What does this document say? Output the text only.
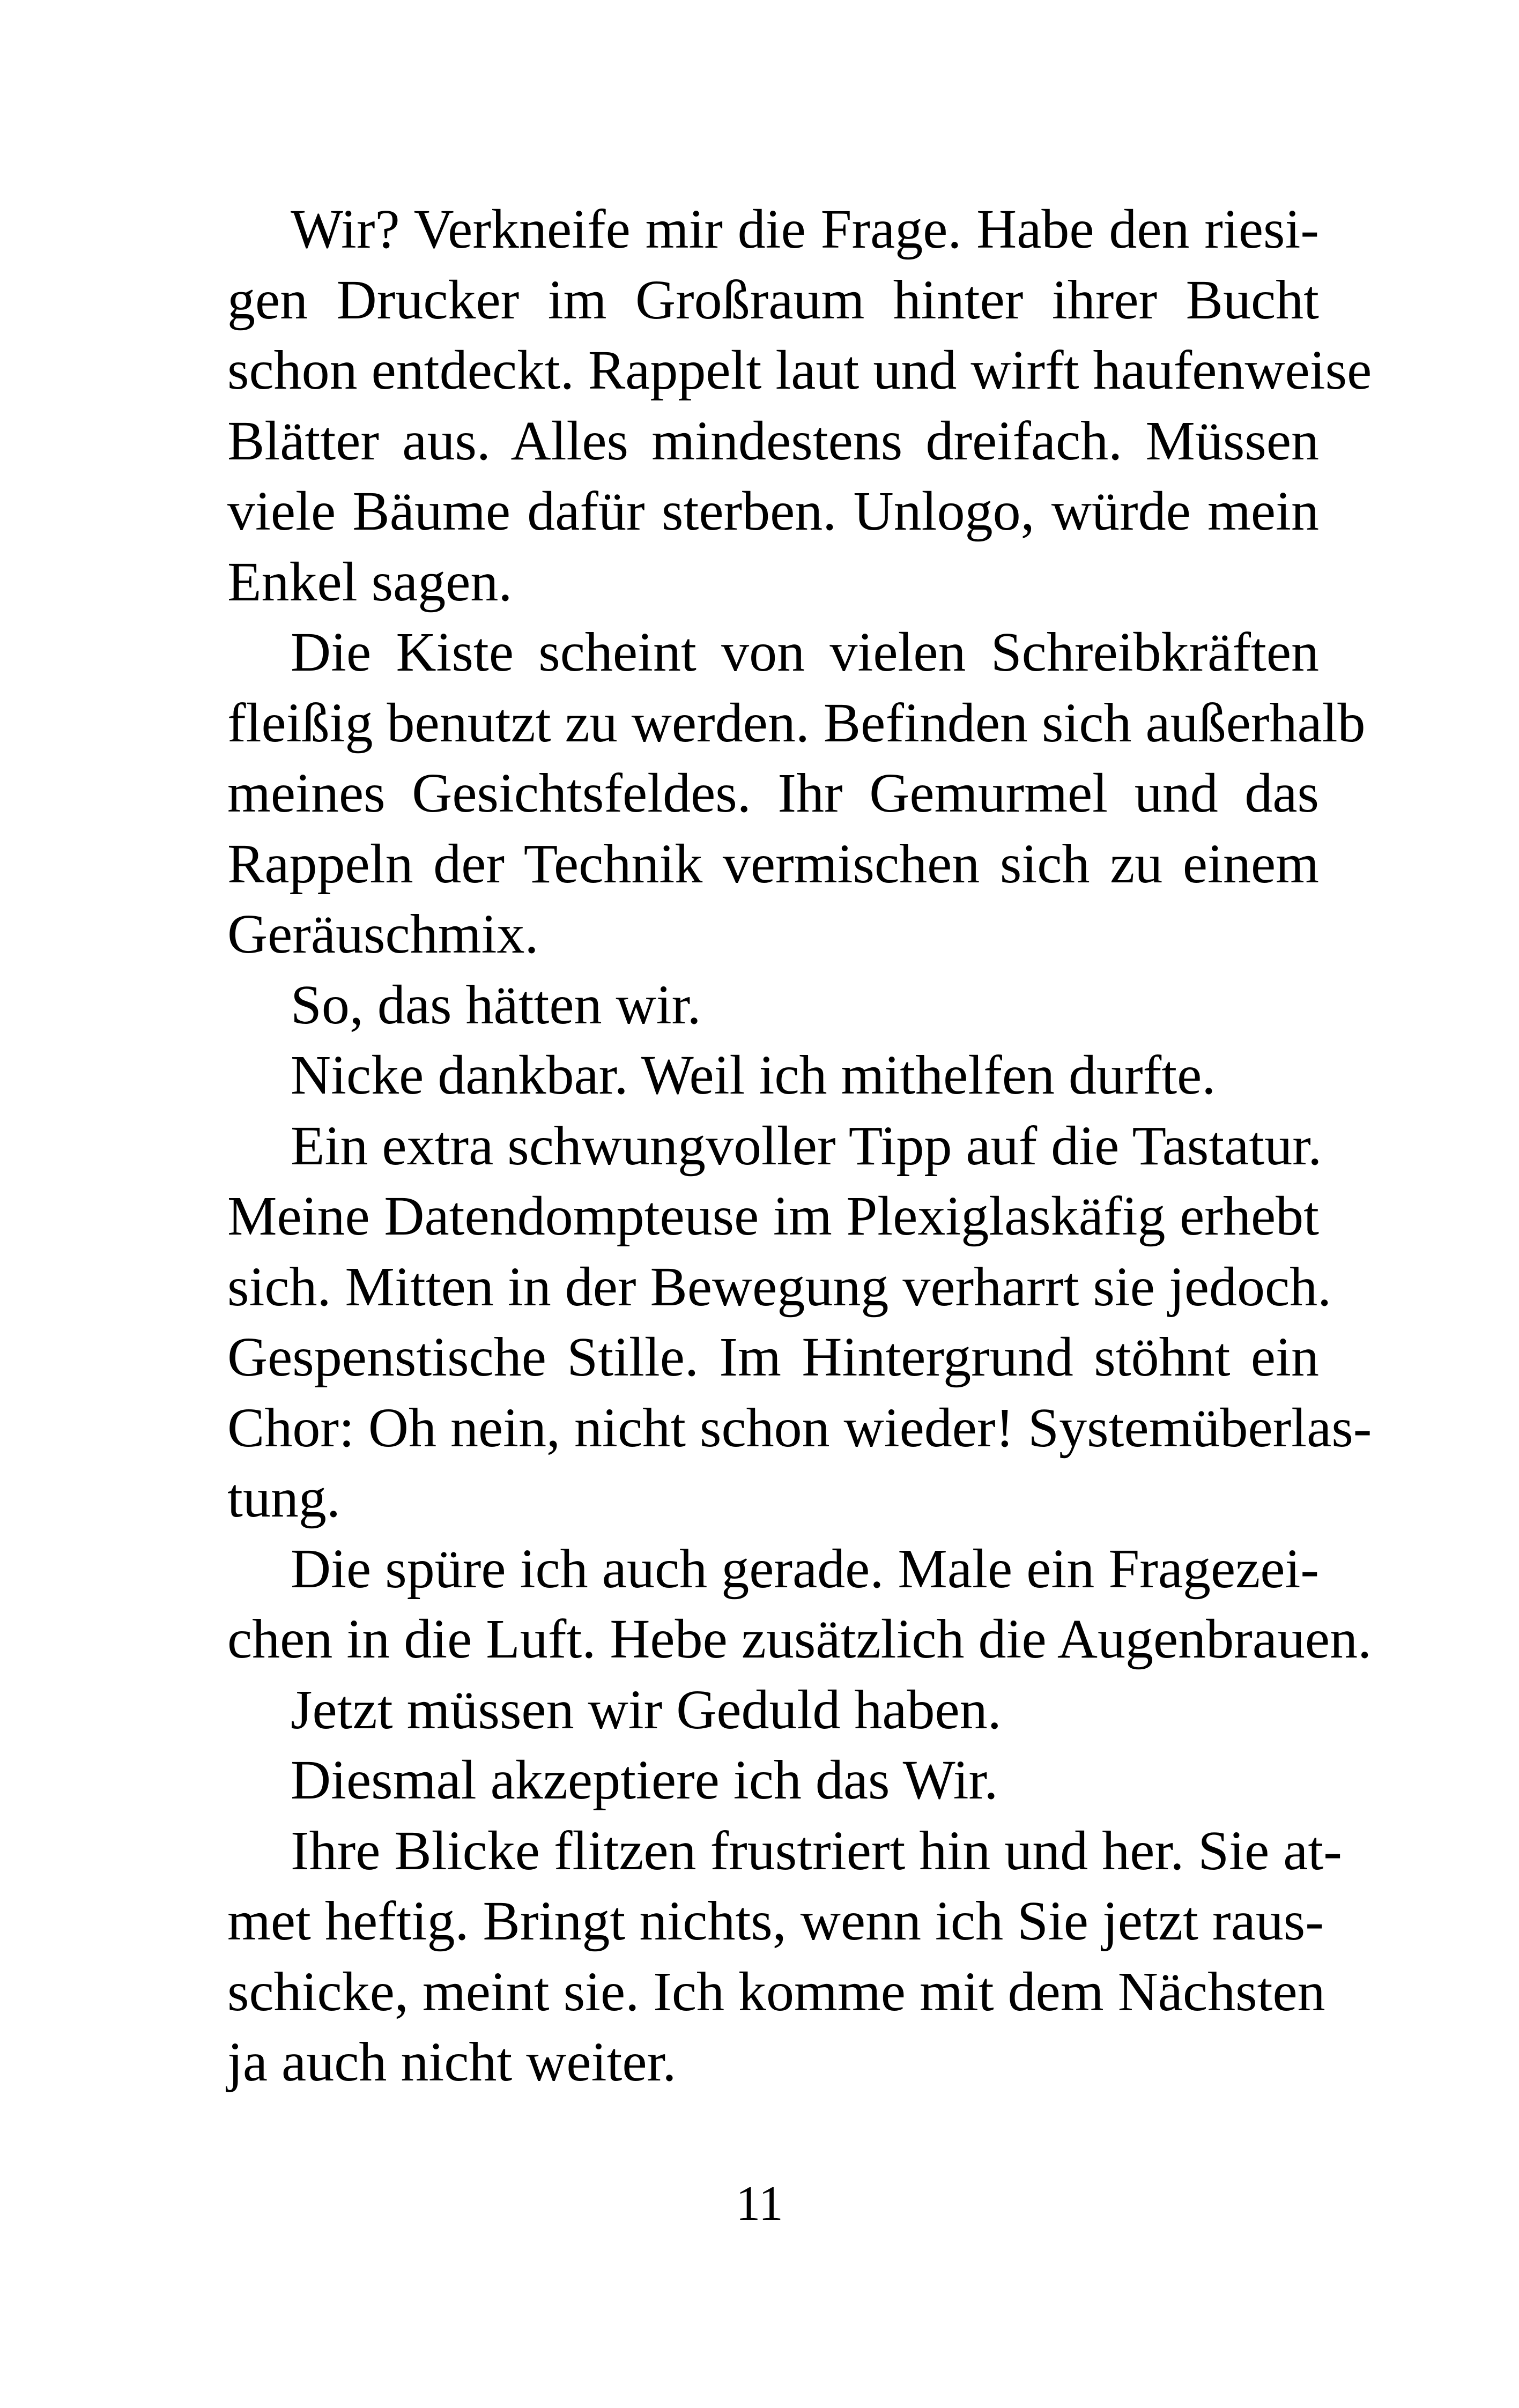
Wir? Verkneife mir die Frage. Habe den riesi-
gen Drucker im Großraum hinter ihrer Bucht
schon entdeckt. Rappelt laut und wirft haufenweise
Blätter aus. Alles mindestens dreifach. Müssen
viele Bäume dafür sterben. Unlogo, würde mein
Enkel sagen.

Die Kiste scheint von vielen Schreibkräften
fleißig benutzt zu werden. Befinden sich außerhalb
meines Gesichtsfeldes. Ihr Gemurmel und das
Rappeln der Technik vermischen sich zu einem
Geräuschmix.

So, das hätten wir.

Nicke dankbar. Weil ich mithelfen durfte.

Ein extra schwungvoller Tipp auf die Tastatur.
Meine Datendompteuse im Plexiglaskäfig erhebt
sich. Mitten in der Bewegung verharrt sie jedoch.
Gespenstische Stille. Im Hintergrund stöhnt ein
Chor: Oh nein, nicht schon wieder! Systemüberlas-
tung.

Die spüre ich auch gerade. Male ein Fragezei-
chen in die Luft. Hebe zusätzlich die Augenbrauen.

Jetzt müssen wir Geduld haben.

Diesmal akzeptiere ich das Wir.

Ihre Blicke flitzen frustriert hin und her. Sie at-
met heftig. Bringt nichts, wenn ich Sie jetzt raus-
schicke, meint sie. Ich komme mit dem Nächsten
ja auch nicht weiter.

11
